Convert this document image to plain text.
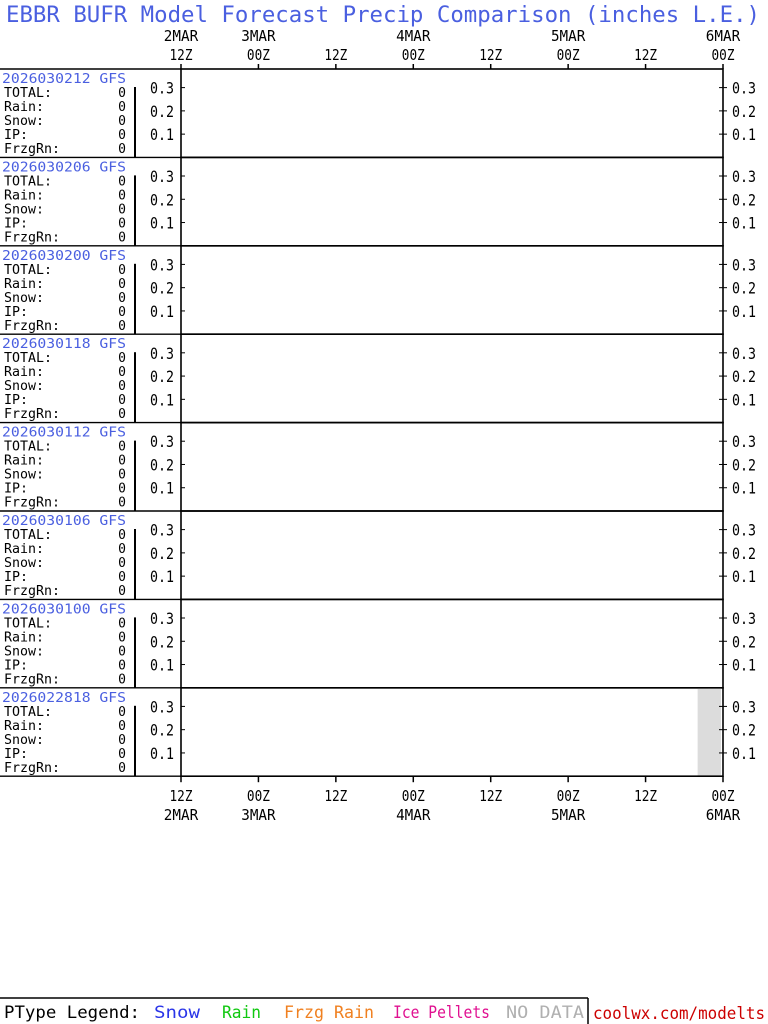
EBBR BUFR Model Forecast Precip Comparison (inches L.E.)
2MAR
12Z
3MAR
00Z	12Z
4MAR
00Z	12Z
5MAR
00Z	12Z
6MAR
00Z
0.1	0.1
0.2	0.2
0.3	0.3
2026030212 GFS
TOTAL:	0
Rain:	0
Snow:	0
IP:	0
FrzgRn:	0
0.1	0.1
0.2	0.2
0.3	0.3
2026030206 GFS
TOTAL:	0
Rain:	0
Snow:	0
IP:	0
FrzgRn:	0
0.1	0.1
0.2	0.2
0.3	0.3
2026030200 GFS
TOTAL:	0
Rain:	0
Snow:	0
IP:	0
FrzgRn:	0
0.1	0.1
0.2	0.2
0.3	0.3
2026030118 GFS
TOTAL:	0
Rain:	0
Snow:	0
IP:	0
FrzgRn:	0
0.1	0.1
0.2	0.2
0.3	0.3
2026030112 GFS
TOTAL:	0
Rain:	0
Snow:	0
IP:	0
FrzgRn:	0
0.1	0.1
0.2	0.2
0.3	0.3
2026030106 GFS
TOTAL:	0
Rain:	0
Snow:	0
IP:	0
FrzgRn:	0
0.1	0.1
0.2	0.2
0.3	0.3
2026030100 GFS
TOTAL:	0
Rain:	0
Snow:	0
IP:	0
FrzgRn:	0
0.1	0.1
0.2	0.2
0.3	0.3
2026022818 GFS
TOTAL:	0
Rain:	0
Snow:	0
IP:	0
FrzgRn:	0
12Z
2MAR
00Z
3MAR
12Z	00Z
4MAR
12Z	00Z
5MAR
12Z	00Z
6MAR
PType Legend: Snow Rain Frzg Rain Ice Pellets NO DATA coolwx.com/modelts
